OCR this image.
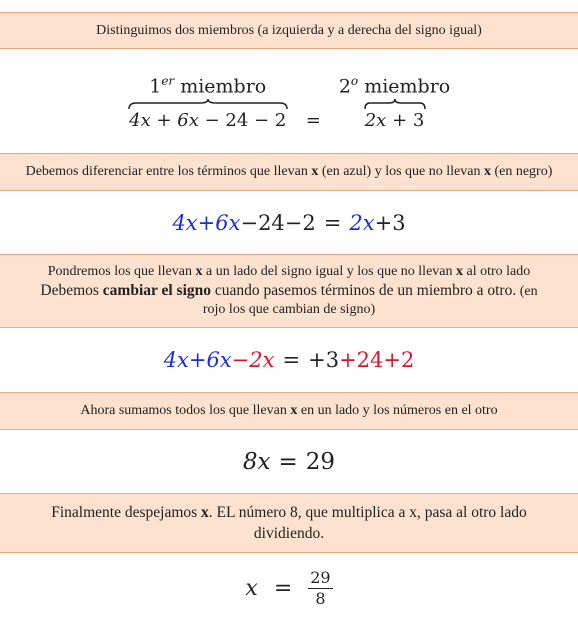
Distinguimos dos miembros (a izquierda y a derecha del signo igual)
1er miembro
4x + 6x − 24 − 2	=
$2^o$ miembro
2x + 3
Debemos diferenciar entre los términos que llevan x (en azul) y los que no llevan x (en negro)
4x +6x −24 −2 = 2x +3
Pondremos los que llevan x a un lado del signo igual y los que no llevan x al otro lado
Debemos cambiar el signo cuando pasemos términos de un miembro a otro. (en
rojo los que cambian de signo)
4x +6x −2x = +3 +24 +2
Ahora sumamos todos los que llevan x en un lado y los números en el otro
8x = 29
Finalmente despejamos x. EL número 8, que multiplica a x, pasa al otro lado
dividiendo.
$x = \frac{29}{8}$
